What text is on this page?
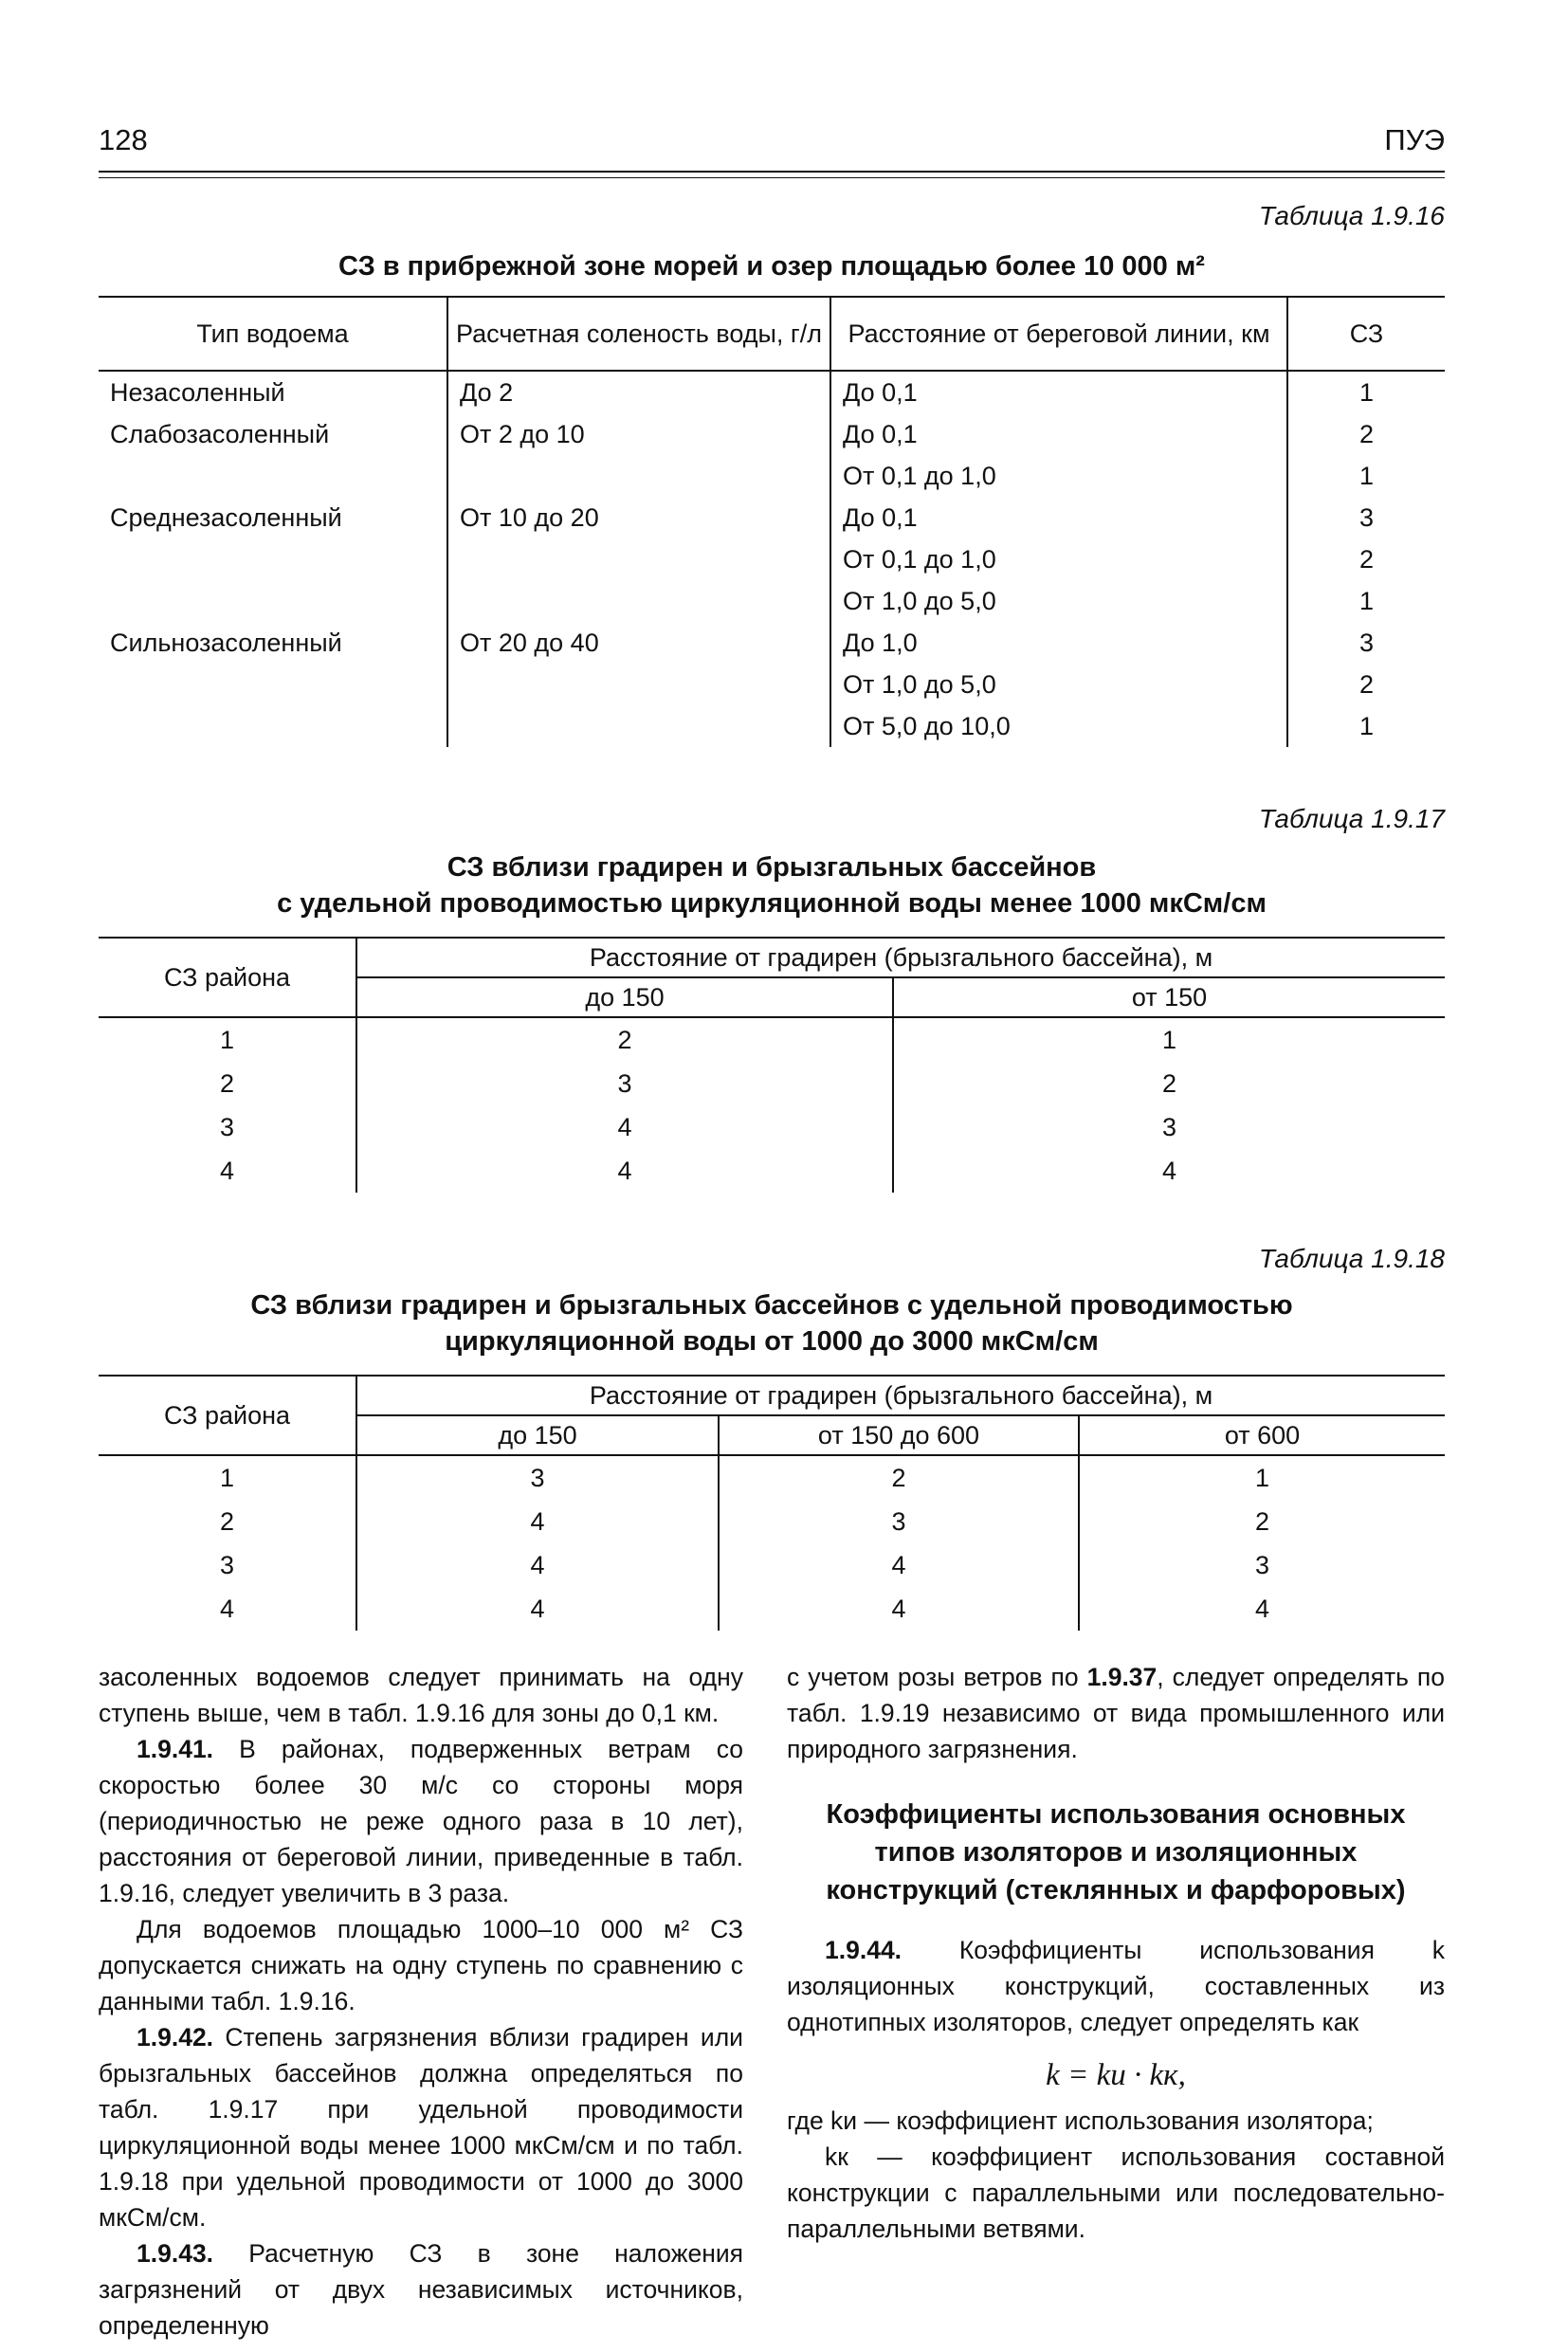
128	ПУЭ
Таблица 1.9.16
СЗ в прибрежной зоне морей и озер площадью более 10 000 м²
Тип водоема	Расчетная соленость воды, г/л	Расстояние от береговой линии, км	СЗ
Незасоленный	До 2	До 0,1	1
Слабозасоленный	От 2 до 10	До 0,1	2
		От 0,1 до 1,0	1
Среднезасоленный	От 10 до 20	До 0,1	3
		От 0,1 до 1,0	2
		От 1,0 до 5,0	1
Сильнозасоленный	От 20 до 40	До 1,0	3
		От 1,0 до 5,0	2
		От 5,0 до 10,0	1
Таблица 1.9.17
СЗ вблизи градирен и брызгальных бассейнов
с удельной проводимостью циркуляционной воды менее 1000 мкСм/см
СЗ района	Расстояние от градирен (брызгального бассейна), м	
	до 150	от 150
1	2	1
2	3	2
3	4	3
4	4	4
Таблица 1.9.18
СЗ вблизи градирен и брызгальных бассейнов с удельной проводимостью
циркуляционной воды от 1000 до 3000 мкСм/см
СЗ района	Расстояние от градирен (брызгального бассейна), м		
	до 150	от 150 до 600	от 600
1	3	2	1
2	4	3	2
3	4	4	3
4	4	4	4

засоленных водоемов следует принимать на одну ступень выше, чем в табл. 1.9.16 для зоны до 0,1 км.

1.9.41. В районах, подверженных ветрам со скоростью более 30 м/с со стороны моря (периодичностью не реже одного раза в 10 лет), расстояния от береговой линии, приведенные в табл. 1.9.16, следует увеличить в 3 раза.

Для водоемов площадью 1000–10 000 м² СЗ допускается снижать на одну ступень по сравнению с данными табл. 1.9.16.

1.9.42. Степень загрязнения вблизи градирен или брызгальных бассейнов должна определяться по табл. 1.9.17 при удельной проводимости циркуляционной воды менее 1000 мкСм/см и по табл. 1.9.18 при удельной проводимости от 1000 до 3000 мкСм/см.

1.9.43. Расчетную СЗ в зоне наложения загрязнений от двух независимых источников, определенную

с учетом розы ветров по 1.9.37, следует определять по табл. 1.9.19 независимо от вида промышленного или природного загрязнения.

Коэффициенты использования основных типов изоляторов и изоляционных конструкций (стеклянных и фарфоровых)

1.9.44. Коэффициенты использования k изоляционных конструкций, составленных из однотипных изоляторов, следует определять как

k = kи · kк,

где kи — коэффициент использования изолятора;

kк — коэффициент использования составной конструкции с параллельными или последовательно-параллельными ветвями.
